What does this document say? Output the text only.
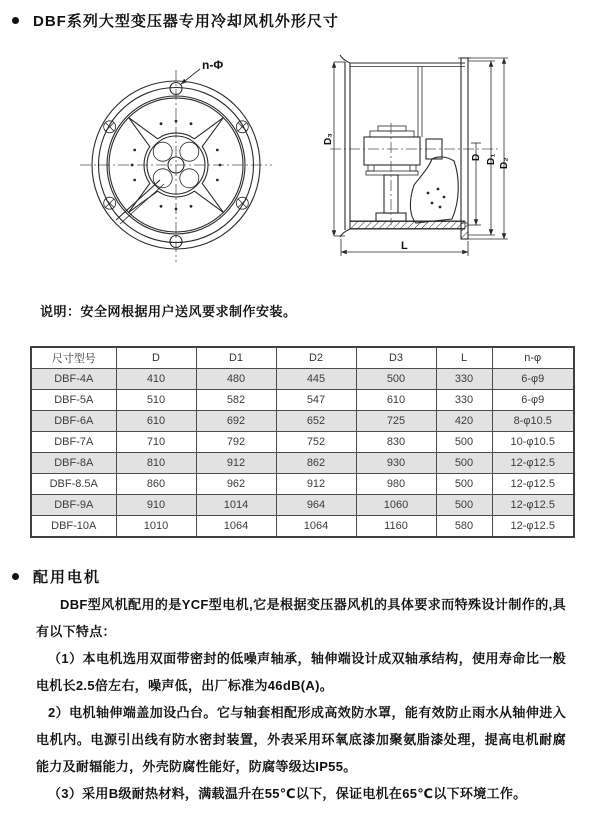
DBF系列大型变压器专用冷却风机外形尺寸
n-Φ
D₃
D D₁ D₂
L
说明：安全网根据用户送风要求制作安装。
尺寸型号	D	D1	D2	D3	L	n-φ
DBF-4A	410	480	445	500	330	6-φ9
DBF-5A	510	582	547	610	330	6-φ9
DBF-6A	610	692	652	725	420	8-φ10.5
DBF-7A	710	792	752	830	500	10-φ10.5
DBF-8A	810	912	862	930	500	12-φ12.5
DBF-8.5A	860	962	912	980	500	12-φ12.5
DBF-9A	910	1014	964	1060	500	12-φ12.5
DBF-10A	1010	1064	1064	1160	580	12-φ12.5
配用电机

DBF型风机配用的是YCF型电机,它是根据变压器风机的具体要求而特殊设计制作的,具有以下特点：

（1）本电机选用双面带密封的低噪声轴承，轴伸端设计成双轴承结构，使用寿命比一般电机长2.5倍左右，噪声低，出厂标准为46dB(A)。

2）电机轴伸端盖加设凸台。它与轴套相配形成高效防水罩，能有效防止雨水从轴伸进入电机内。电源引出线有防水密封装置，外表采用环氧底漆加聚氨脂漆处理，提高电机耐腐能力及耐辐能力，外壳防腐性能好，防腐等级达IP55。

（3）采用B级耐热材料，满载温升在55℃以下，保证电机在65℃以下环境工作。
